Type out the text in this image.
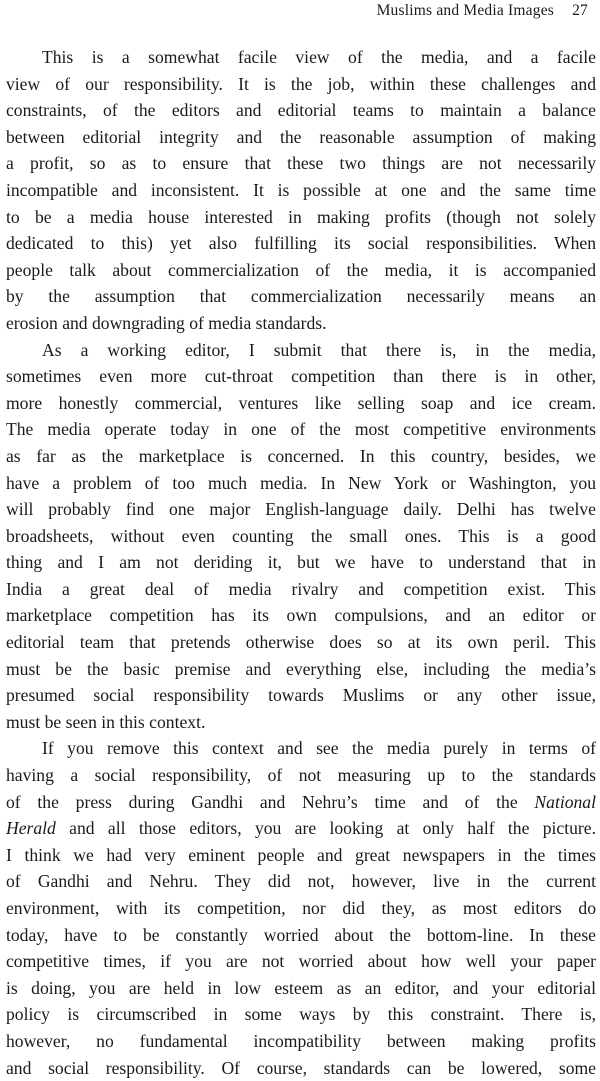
Muslims and Media Images 27
This is a somewhat facile view of the media, and a facile
view of our responsibility. It is the job, within these challenges and
constraints, of the editors and editorial teams to maintain a balance
between editorial integrity and the reasonable assumption of making
a profit, so as to ensure that these two things are not necessarily
incompatible and inconsistent. It is possible at one and the same time
to be a media house interested in making profits (though not solely
dedicated to this) yet also fulfilling its social responsibilities. When
people talk about commercialization of the media, it is accompanied
by the assumption that commercialization necessarily means an
erosion and downgrading of media standards.
As a working editor, I submit that there is, in the media,
sometimes even more cut-throat competition than there is in other,
more honestly commercial, ventures like selling soap and ice cream.
The media operate today in one of the most competitive environments
as far as the marketplace is concerned. In this country, besides, we
have a problem of too much media. In New York or Washington, you
will probably find one major English-language daily. Delhi has twelve
broadsheets, without even counting the small ones. This is a good
thing and I am not deriding it, but we have to understand that in
India a great deal of media rivalry and competition exist. This
marketplace competition has its own compulsions, and an editor or
editorial team that pretends otherwise does so at its own peril. This
must be the basic premise and everything else, including the media’s
presumed social responsibility towards Muslims or any other issue,
must be seen in this context.
If you remove this context and see the media purely in terms of
having a social responsibility, of not measuring up to the standards
of the press during Gandhi and Nehru’s time and of the National
Herald and all those editors, you are looking at only half the picture.
I think we had very eminent people and great newspapers in the times
of Gandhi and Nehru. They did not, however, live in the current
environment, with its competition, nor did they, as most editors do
today, have to be constantly worried about the bottom-line. In these
competitive times, if you are not worried about how well your paper
is doing, you are held in low esteem as an editor, and your editorial
policy is circumscribed in some ways by this constraint. There is,
however, no fundamental incompatibility between making profits
and social responsibility. Of course, standards can be lowered, some
